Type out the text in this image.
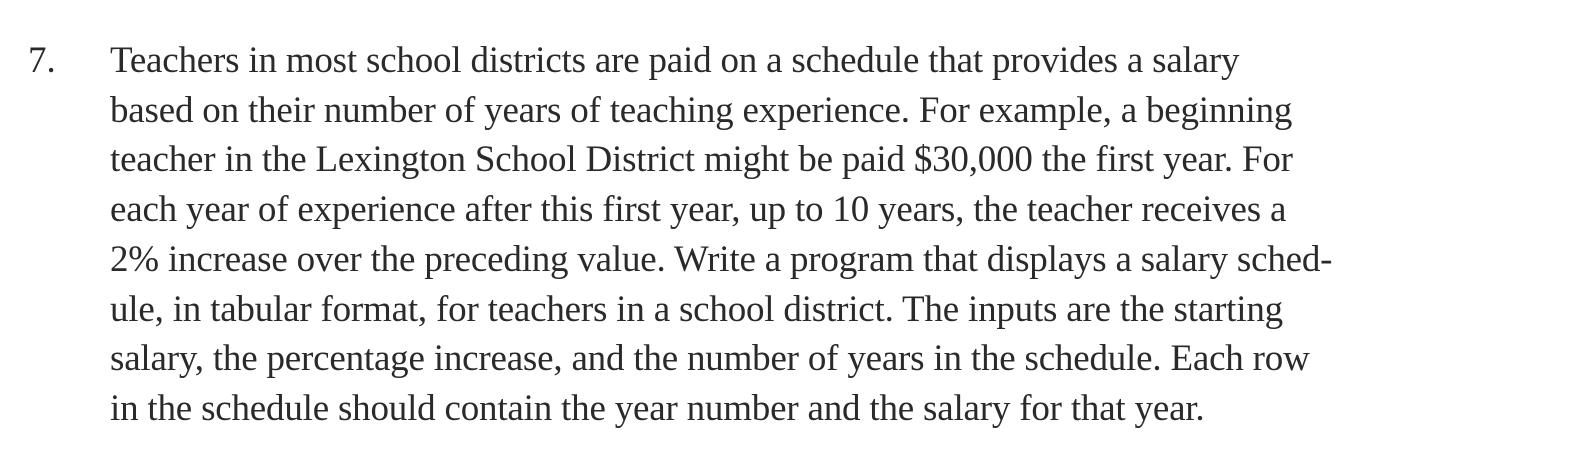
7. Teachers in most school districts are paid on a schedule that provides a salary
based on their number of years of teaching experience. For example, a beginning
teacher in the Lexington School District might be paid $30,000 the first year. For
each year of experience after this first year, up to 10 years, the teacher receives a
2% increase over the preceding value. Write a program that displays a salary sched-
ule, in tabular format, for teachers in a school district. The inputs are the starting
salary, the percentage increase, and the number of years in the schedule. Each row
in the schedule should contain the year number and the salary for that year.
